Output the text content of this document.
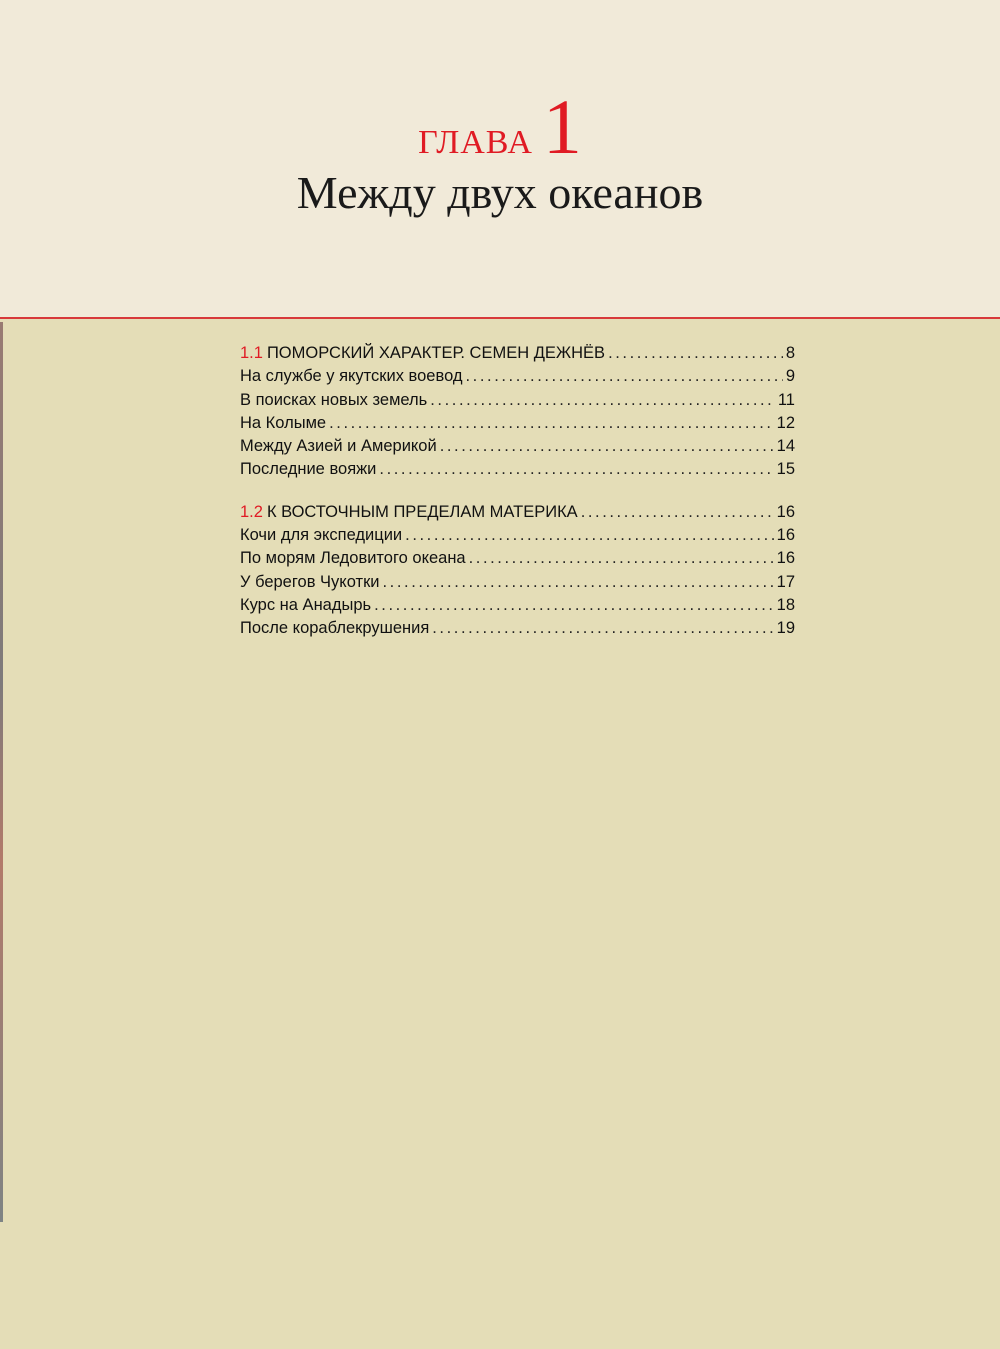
ГЛАВА 1
Между двух океанов
1.1 ПОМОРСКИЙ ХАРАКТЕР. СЕМЕН ДЕЖНЁВ . . .	8
На службе у якутских воевод . . .	9
В поисках новых земель . . .	11
На Колыме . . .	12
Между Азией и Америкой . . .	14
Последние вояжи . . .	15
1.2 К ВОСТОЧНЫМ ПРЕДЕЛАМ МАТЕРИКА . . .	16
Кочи для экспедиции . . .	16
По морям Ледовитого океана . . .	16
У берегов Чукотки . . .	17
Курс на Анадырь . . .	18
После кораблекрушения . . .	19
